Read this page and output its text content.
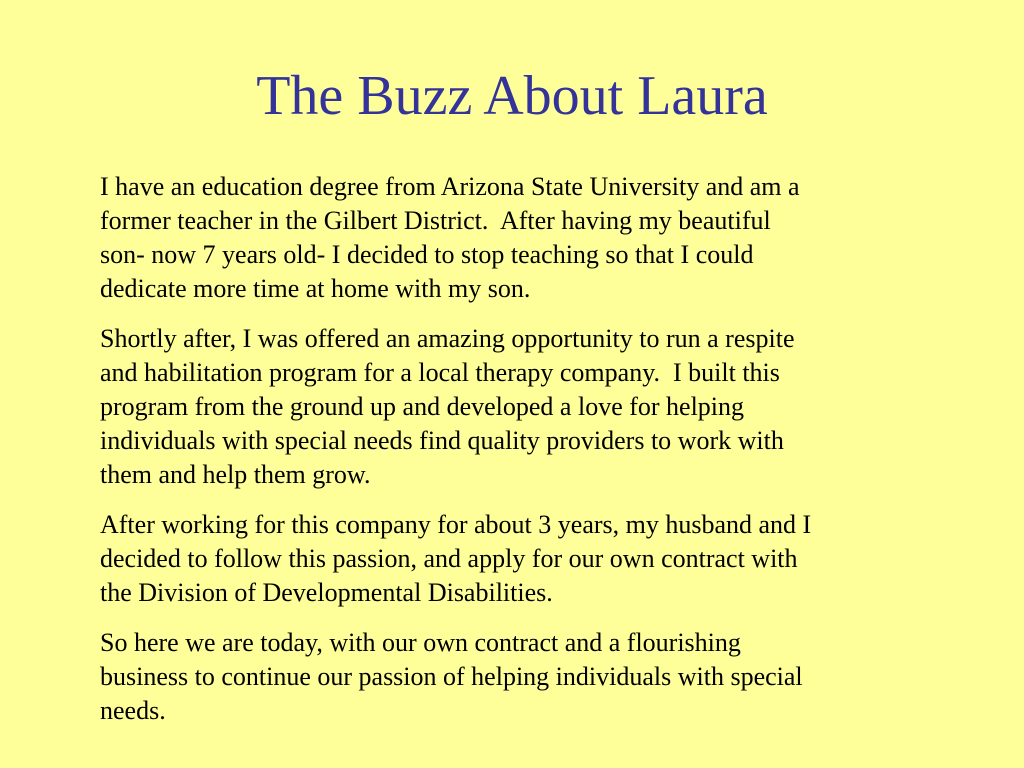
The Buzz About Laura

I have an education degree from Arizona State University and am a
former teacher in the Gilbert District.  After having my beautiful
son- now 7 years old- I decided to stop teaching so that I could
dedicate more time at home with my son.

Shortly after, I was offered an amazing opportunity to run a respite
and habilitation program for a local therapy company.  I built this
program from the ground up and developed a love for helping
individuals with special needs find quality providers to work with
them and help them grow.

After working for this company for about 3 years, my husband and I
decided to follow this passion, and apply for our own contract with
the Division of Developmental Disabilities.

So here we are today, with our own contract and a flourishing
business to continue our passion of helping individuals with special
needs.
